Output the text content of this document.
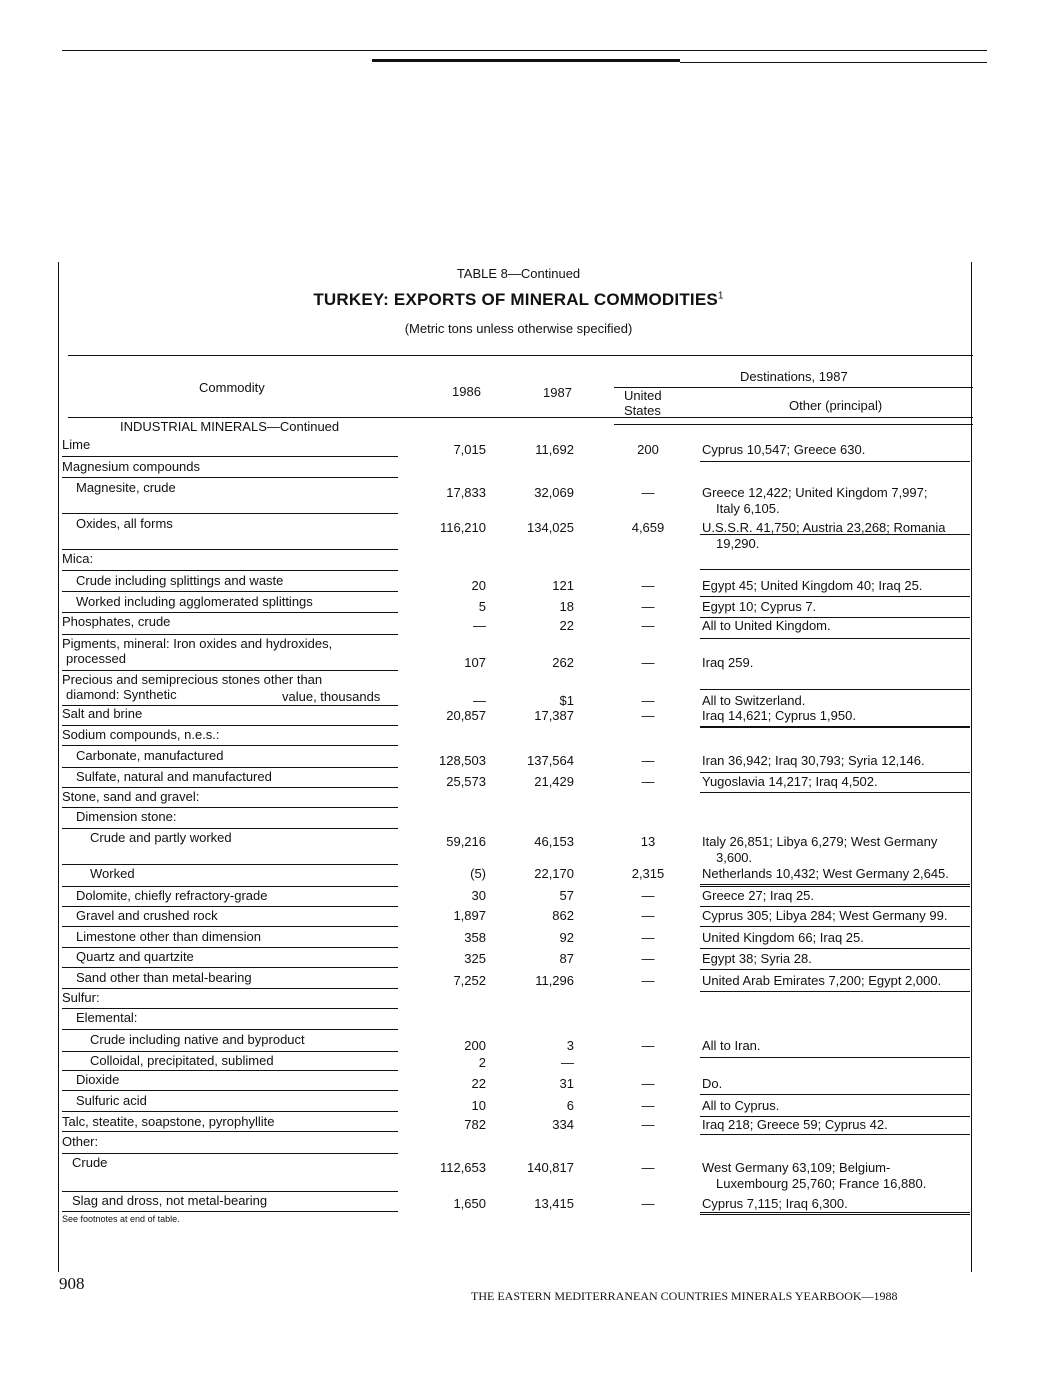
TABLE 8—Continued
TURKEY: EXPORTS OF MINERAL COMMODITIES$^1$
(Metric tons unless otherwise specified)
Commodity	1986	1987
Destinations, 1987
United
States	Other (principal)
INDUSTRIAL MINERALS—Continued
Lime	7,015	11,692	200	Cyprus 10,547; Greece 630.
Magnesium compounds
Magnesite, crude	17,833	32,069	—	Greece 12,422; United Kingdom 7,997;
Italy 6,105.
Oxides, all forms	116,210	134,025	4,659	U.S.S.R. 41,750; Austria 23,268; Romania
19,290.
Mica:
Crude including splittings and waste	20	121	—	Egypt 45; United Kingdom 40; Iraq 25.
Worked including agglomerated splittings	5	18	—	Egypt 10; Cyprus 7.
Phosphates, crude	—	22	—	All to United Kingdom.
Pigments, mineral: Iron oxides and hydroxides,
processed	107	262	—	Iraq 259.
Precious and semiprecious stones other than
value, thousands
diamond: Synthetic	—	$1	—	All to Switzerland.
Salt and brine	20,857	17,387	—	Iraq 14,621; Cyprus 1,950.
Sodium compounds, n.e.s.:
Carbonate, manufactured	128,503	137,564	—	Iran 36,942; Iraq 30,793; Syria 12,146.
Sulfate, natural and manufactured	25,573	21,429	—	Yugoslavia 14,217; Iraq 4,502.
Stone, sand and gravel:
Dimension stone:
Crude and partly worked	59,216	46,153	13	Italy 26,851; Libya 6,279; West Germany
3,600.
Worked	(5)	22,170	2,315	Netherlands 10,432; West Germany 2,645.
Dolomite, chiefly refractory-grade	30	57	—	Greece 27; Iraq 25.
Gravel and crushed rock	1,897	862	—	Cyprus 305; Libya 284; West Germany 99.
Limestone other than dimension	358	92	—	United Kingdom 66; Iraq 25.
Quartz and quartzite	325	87	—	Egypt 38; Syria 28.
Sand other than metal-bearing	7,252	11,296	—	United Arab Emirates 7,200; Egypt 2,000.
Sulfur:
Elemental:
Crude including native and byproduct	200	3	—	All to Iran.
Colloidal, precipitated, sublimed	2	—
Dioxide	22	31	—	Do.
Sulfuric acid	10	6	—	All to Cyprus.
Talc, steatite, soapstone, pyrophyllite	782	334	—	Iraq 218; Greece 59; Cyprus 42.
Other:
Crude	112,653	140,817	—	West Germany 63,109; Belgium-
Luxembourg 25,760; France 16,880.
Slag and dross, not metal-bearing	1,650	13,415	—	Cyprus 7,115; Iraq 6,300.
See footnotes at end of table.
908
THE EASTERN MEDITERRANEAN COUNTRIES MINERALS YEARBOOK—1988
